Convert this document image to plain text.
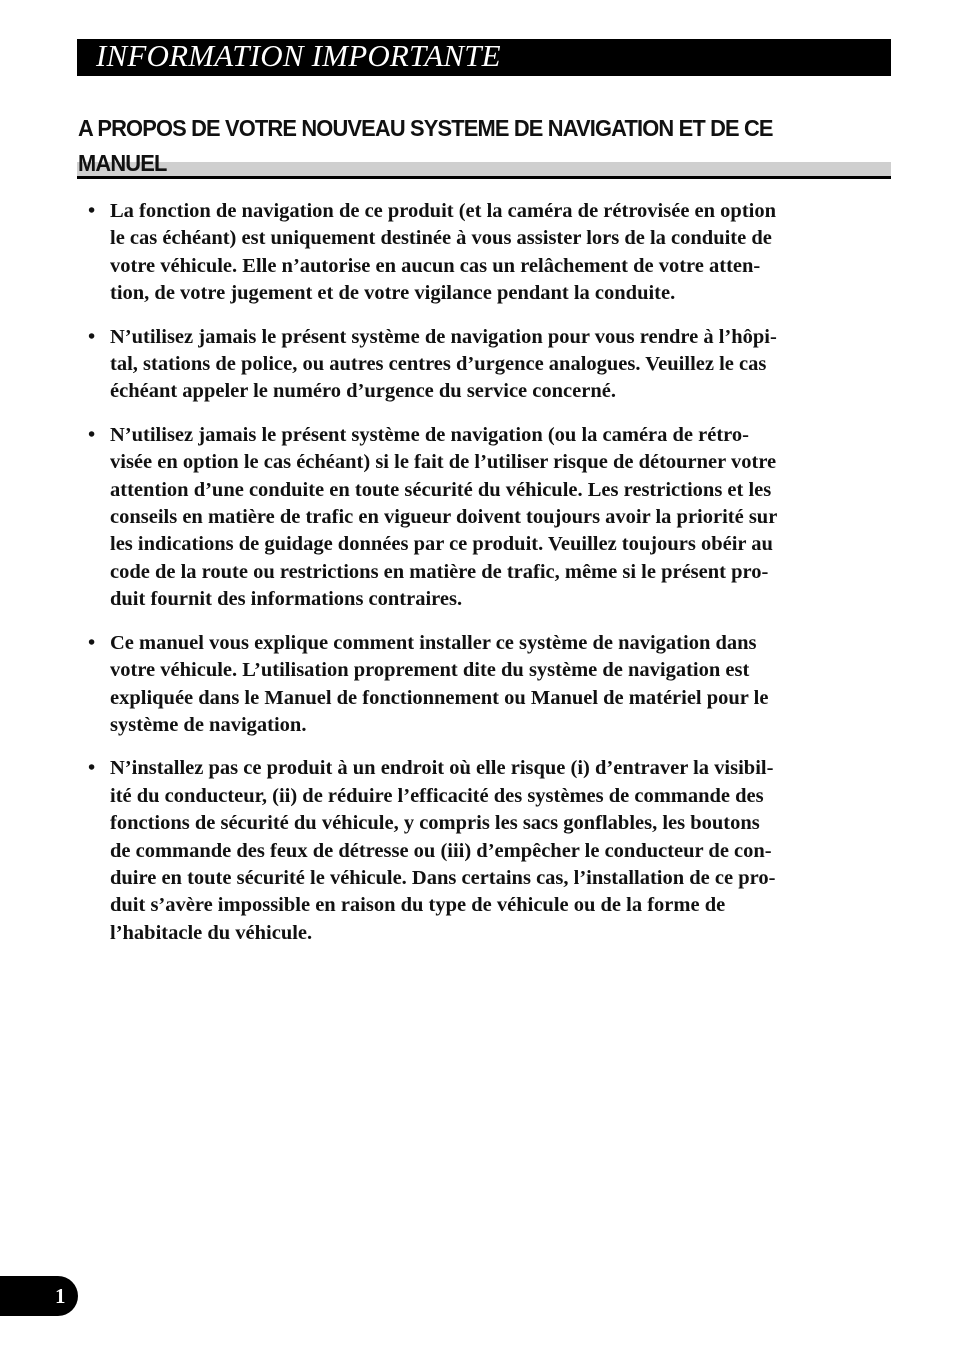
INFORMATION IMPORTANTE
A PROPOS DE VOTRE NOUVEAU SYSTEME DE NAVIGATION ET DE CE
MANUEL
• La fonction de navigation de ce produit (et la caméra de rétrovisée en option
le cas échéant) est uniquement destinée à vous assister lors de la conduite de
votre véhicule. Elle n’autorise en aucun cas un relâchement de votre atten-
tion, de votre jugement et de votre vigilance pendant la conduite.
• N’utilisez jamais le présent système de navigation pour vous rendre à l’hôpi-
tal, stations de police, ou autres centres d’urgence analogues. Veuillez le cas
échéant appeler le numéro d’urgence du service concerné.
• N’utilisez jamais le présent système de navigation (ou la caméra de rétro-
visée en option le cas échéant) si le fait de l’utiliser risque de détourner votre
attention d’une conduite en toute sécurité du véhicule. Les restrictions et les
conseils en matière de trafic en vigueur doivent toujours avoir la priorité sur
les indications de guidage données par ce produit. Veuillez toujours obéir au
code de la route ou restrictions en matière de trafic, même si le présent pro-
duit fournit des informations contraires.
• Ce manuel vous explique comment installer ce système de navigation dans
votre véhicule. L’utilisation proprement dite du système de navigation est
expliquée dans le Manuel de fonctionnement ou Manuel de matériel pour le
système de navigation.
• N’installez pas ce produit à un endroit où elle risque (i) d’entraver la visibil-
ité du conducteur, (ii) de réduire l’efficacité des systèmes de commande des
fonctions de sécurité du véhicule, y compris les sacs gonflables, les boutons
de commande des feux de détresse ou (iii) d’empêcher le conducteur de con-
duire en toute sécurité le véhicule. Dans certains cas, l’installation de ce pro-
duit s’avère impossible en raison du type de véhicule ou de la forme de
l’habitacle du véhicule.
1
